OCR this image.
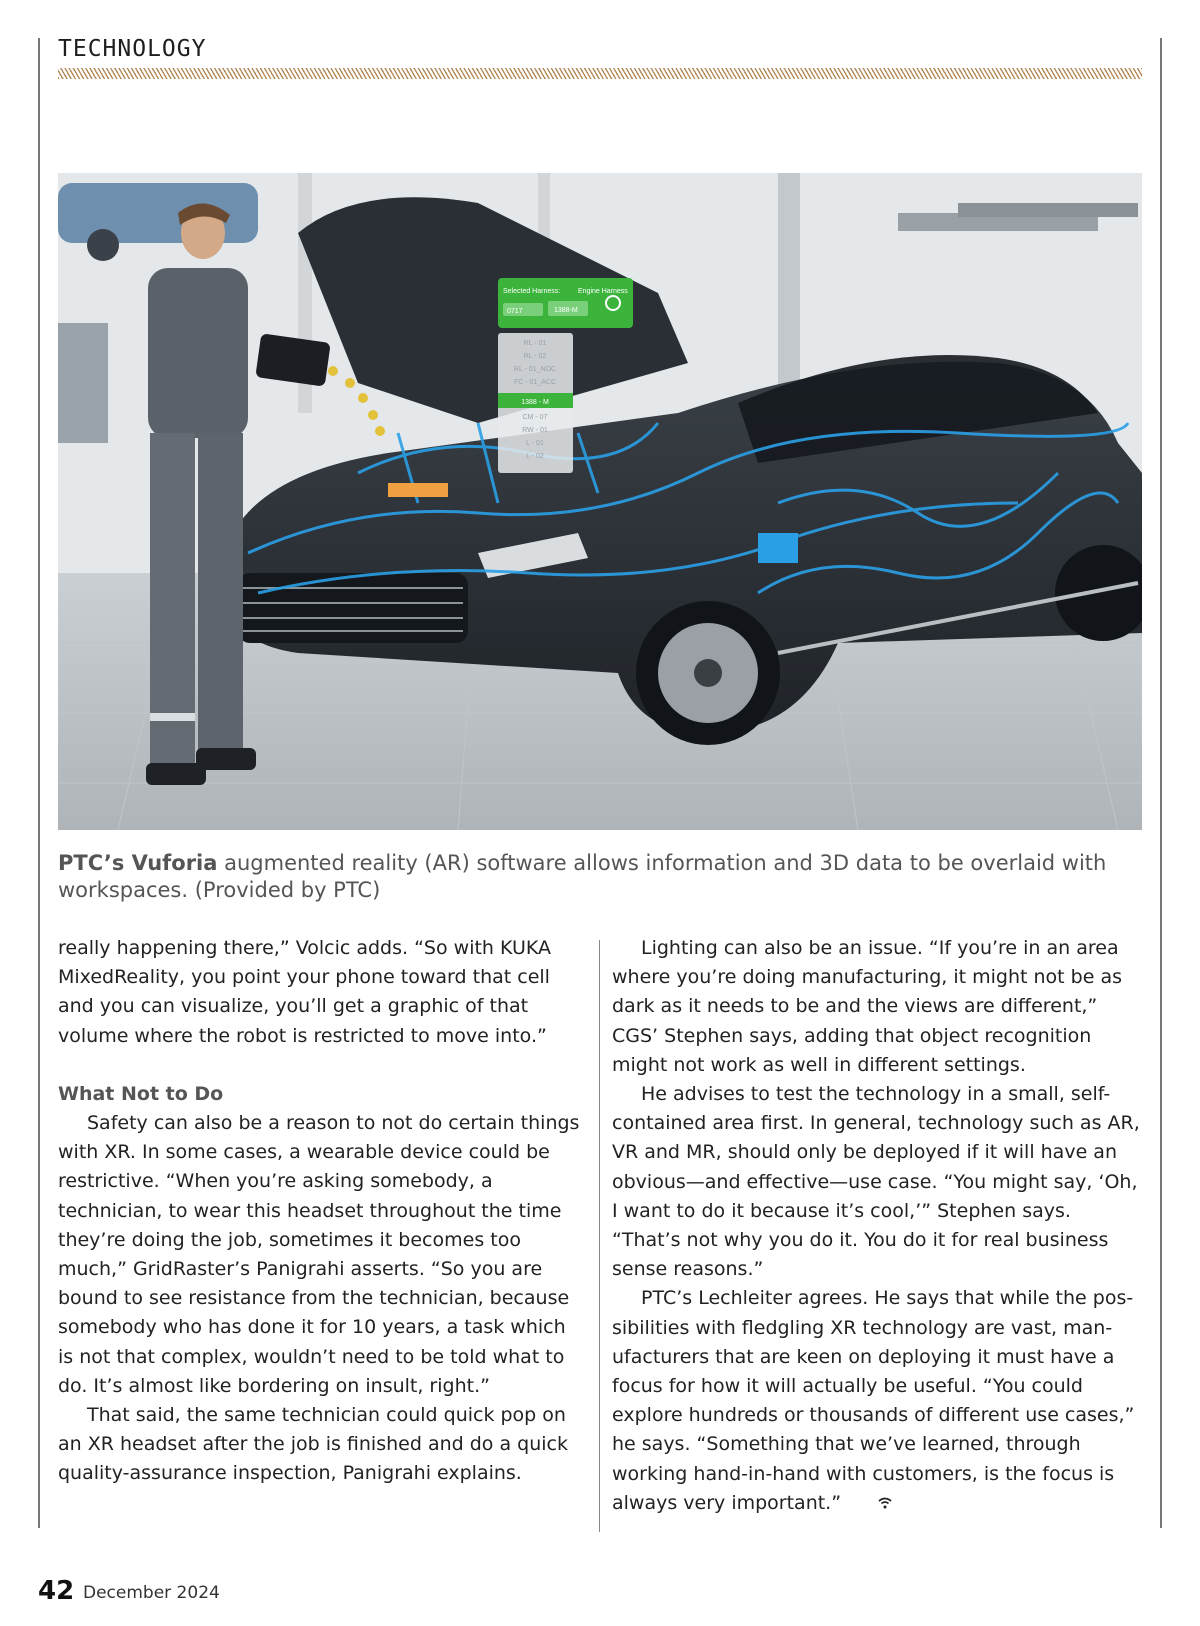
TECHNOLOGY
Selected Harness:	Engine Harness
0717	1388-M
RL - 01
RL - 02
RL - 01_NOC
FC - 01_ACC
1388 - M
CM - 07
RW - 01
L - 01
L - 02
PTC’s Vuforia augmented reality (AR) software allows information and 3D data to be overlaid with workspaces. (Provided by PTC)

really happening there,” Volcic adds. “So with KUKA MixedReality, you point your phone toward that cell and you can visualize, you’ll get a graphic of that volume where the robot is restricted to move into.”

What Not to Do

Safety can also be a reason to not do certain things with XR. In some cases, a wearable device could be restrictive. “When you’re asking somebody, a technician, to wear this headset throughout the time they’re doing the job, sometimes it becomes too much,” GridRaster’s Panigrahi asserts. “So you are bound to see resistance from the technician, because somebody who has done it for 10 years, a task which is not that complex, wouldn’t need to be told what to do. It’s almost like bordering on insult, right.”

That said, the same technician could quick pop on an XR headset after the job is finished and do a quick quality-assurance inspection, Panigrahi explains.

Lighting can also be an issue. “If you’re in an area where you’re doing manufacturing, it might not be as dark as it needs to be and the views are different,” CGS’ Stephen says, adding that object recognition might not work as well in different settings.

He advises to test the technology in a small, self-contained area first. In general, technology such as AR, VR and MR, should only be deployed if it will have an obvious—and effective—use case. “You might say, ‘Oh, I want to do it because it’s cool,’” Stephen says. “That’s not why you do it. You do it for real business sense reasons.”

PTC’s Lechleiter agrees. He says that while the possibilities with fledgling XR technology are vast, manufacturers that are keen on deploying it must have a focus for how it will actually be useful. “You could explore hundreds or thousands of different use cases,” he says. “Something that we’ve learned, through working hand-in-hand with customers, is the focus is always very important.”

42 December 2024
